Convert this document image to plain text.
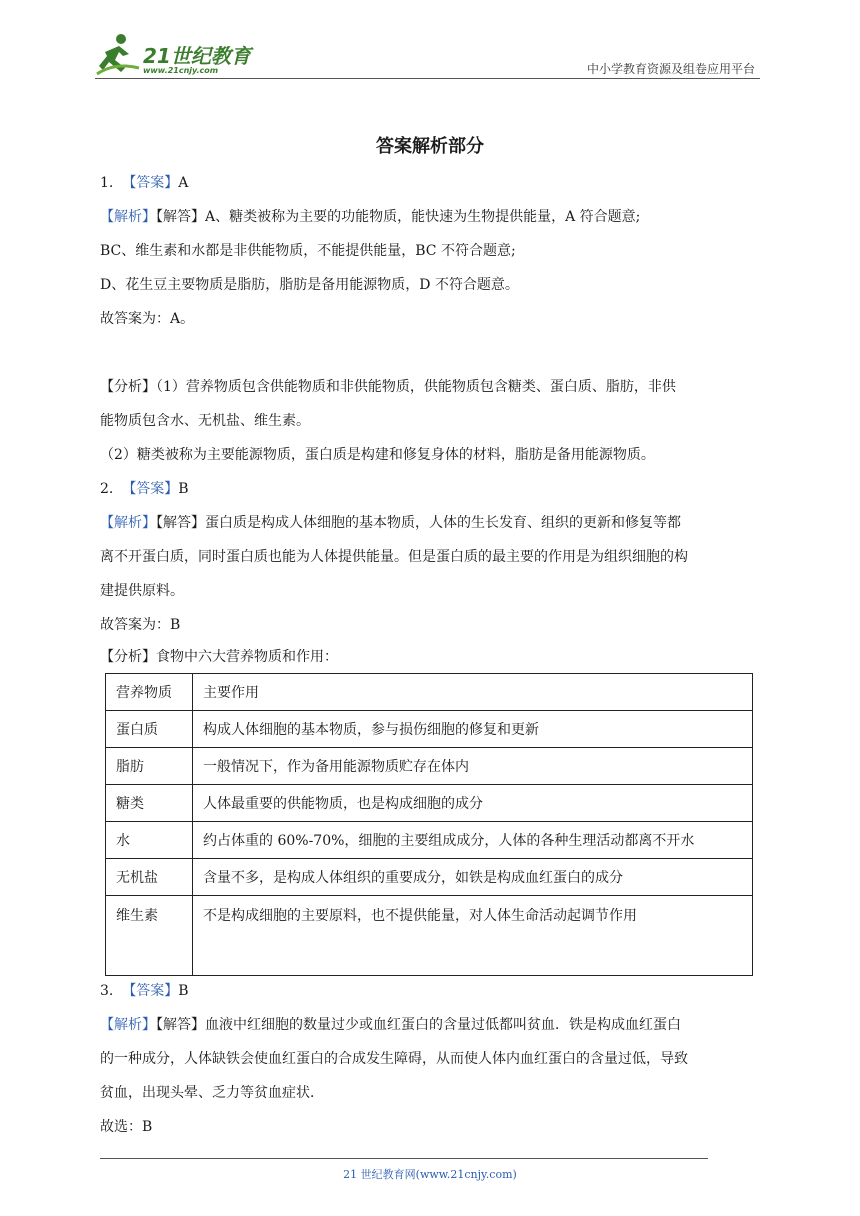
21世纪教育
www.21cnjy.com	中小学教育资源及组卷应用平台
答案解析部分
1. 【答案】A
【解析】【解答】A、糖类被称为主要的功能物质，能快速为生物提供能量，A 符合题意;
BC、维生素和水都是非供能物质，不能提供能量，BC 不符合题意;
D、花生豆主要物质是脂肪，脂肪是备用能源物质，D 不符合题意。
故答案为：A。
【分析】（1）营养物质包含供能物质和非供能物质，供能物质包含糖类、蛋白质、脂肪，非供
能物质包含水、无机盐、维生素。
（2）糖类被称为主要能源物质，蛋白质是构建和修复身体的材料，脂肪是备用能源物质。
2. 【答案】B
【解析】【解答】蛋白质是构成人体细胞的基本物质，人体的生长发育、组织的更新和修复等都
离不开蛋白质，同时蛋白质也能为人体提供能量。但是蛋白质的最主要的作用是为组织细胞的构
建提供原料。
故答案为：B
【分析】食物中六大营养物质和作用：
营养物质	主要作用
蛋白质	构成人体细胞的基本物质，参与损伤细胞的修复和更新
脂肪	一般情况下，作为备用能源物质贮存在体内
糖类	人体最重要的供能物质，也是构成细胞的成分
水	约占体重的 60%-70%，细胞的主要组成成分，人体的各种生理活动都离不开水
无机盐	含量不多，是构成人体组织的重要成分，如铁是构成血红蛋白的成分
维生素	不是构成细胞的主要原料，也不提供能量，对人体生命活动起调节作用
3. 【答案】B
【解析】【解答】血液中红细胞的数量过少或血红蛋白的含量过低都叫贫血．铁是构成血红蛋白
的一种成分，人体缺铁会使血红蛋白的合成发生障碍，从而使人体内血红蛋白的含量过低，导致
贫血，出现头晕、乏力等贫血症状．
故选：B
21 世纪教育网(www.21cnjy.com)
